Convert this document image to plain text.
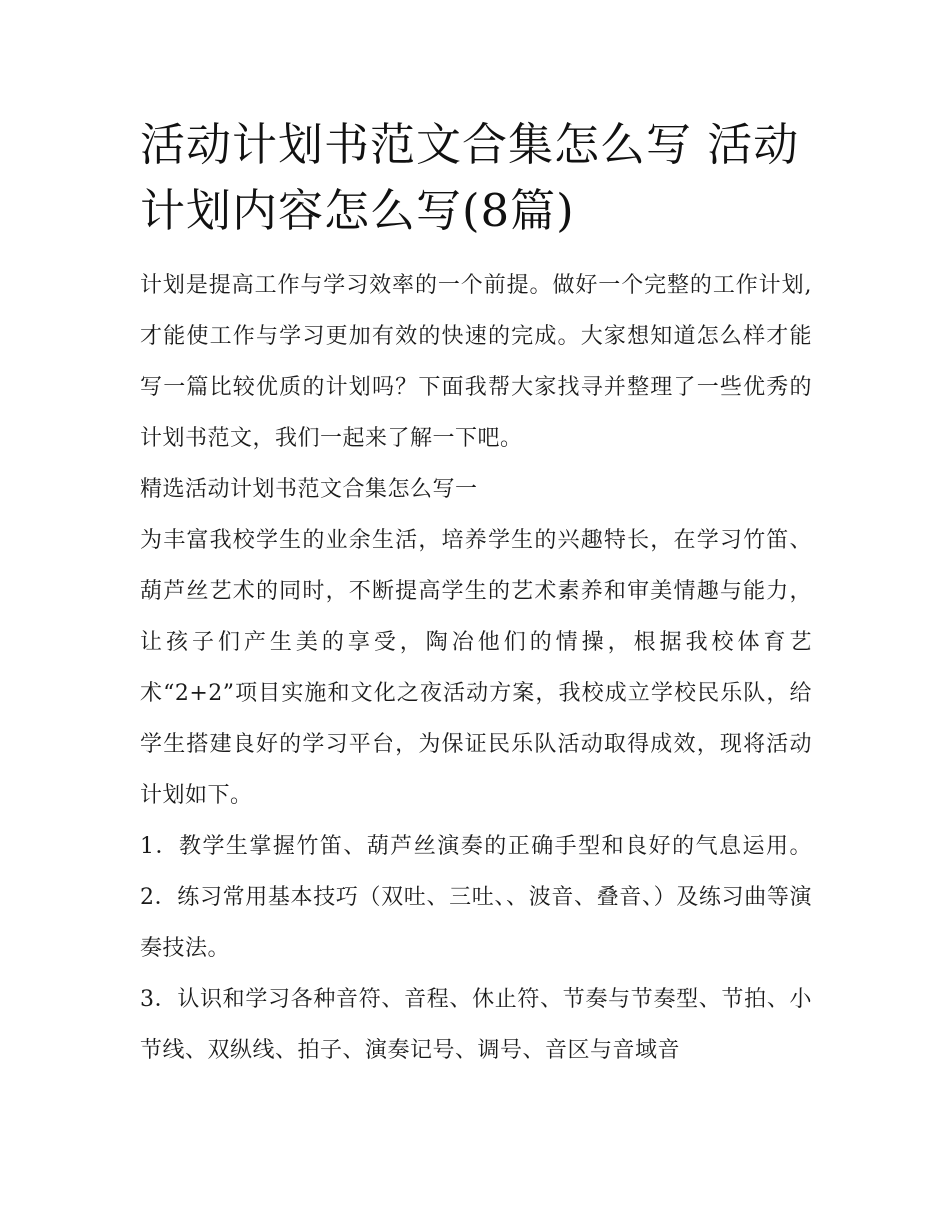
活动计划书范文合集怎么写 活动计划内容怎么写(8篇)

计划是提高工作与学习效率的一个前提。做好一个完整的工作计划,才能使工作与学习更加有效的快速的完成。大家想知道怎么样才能写一篇比较优质的计划吗？下面我帮大家找寻并整理了一些优秀的计划书范文，我们一起来了解一下吧。

精选活动计划书范文合集怎么写一

为丰富我校学生的业余生活，培养学生的兴趣特长，在学习竹笛、葫芦丝艺术的同时，不断提高学生的艺术素养和审美情趣与能力，让孩子们产生美的享受，陶冶他们的情操，根据我校体育艺术“2+2”项目实施和文化之夜活动方案，我校成立学校民乐队，给学生搭建良好的学习平台，为保证民乐队活动取得成效，现将活动计划如下。

1．教学生掌握竹笛、葫芦丝演奏的正确手型和良好的气息运用。2．练习常用基本技巧（双吐、三吐、、波音、叠音、）及练习曲等演奏技法。

3．认识和学习各种音符、音程、休止符、节奏与节奏型、节拍、小节线、双纵线、拍子、演奏记号、调号、音区与音域音
